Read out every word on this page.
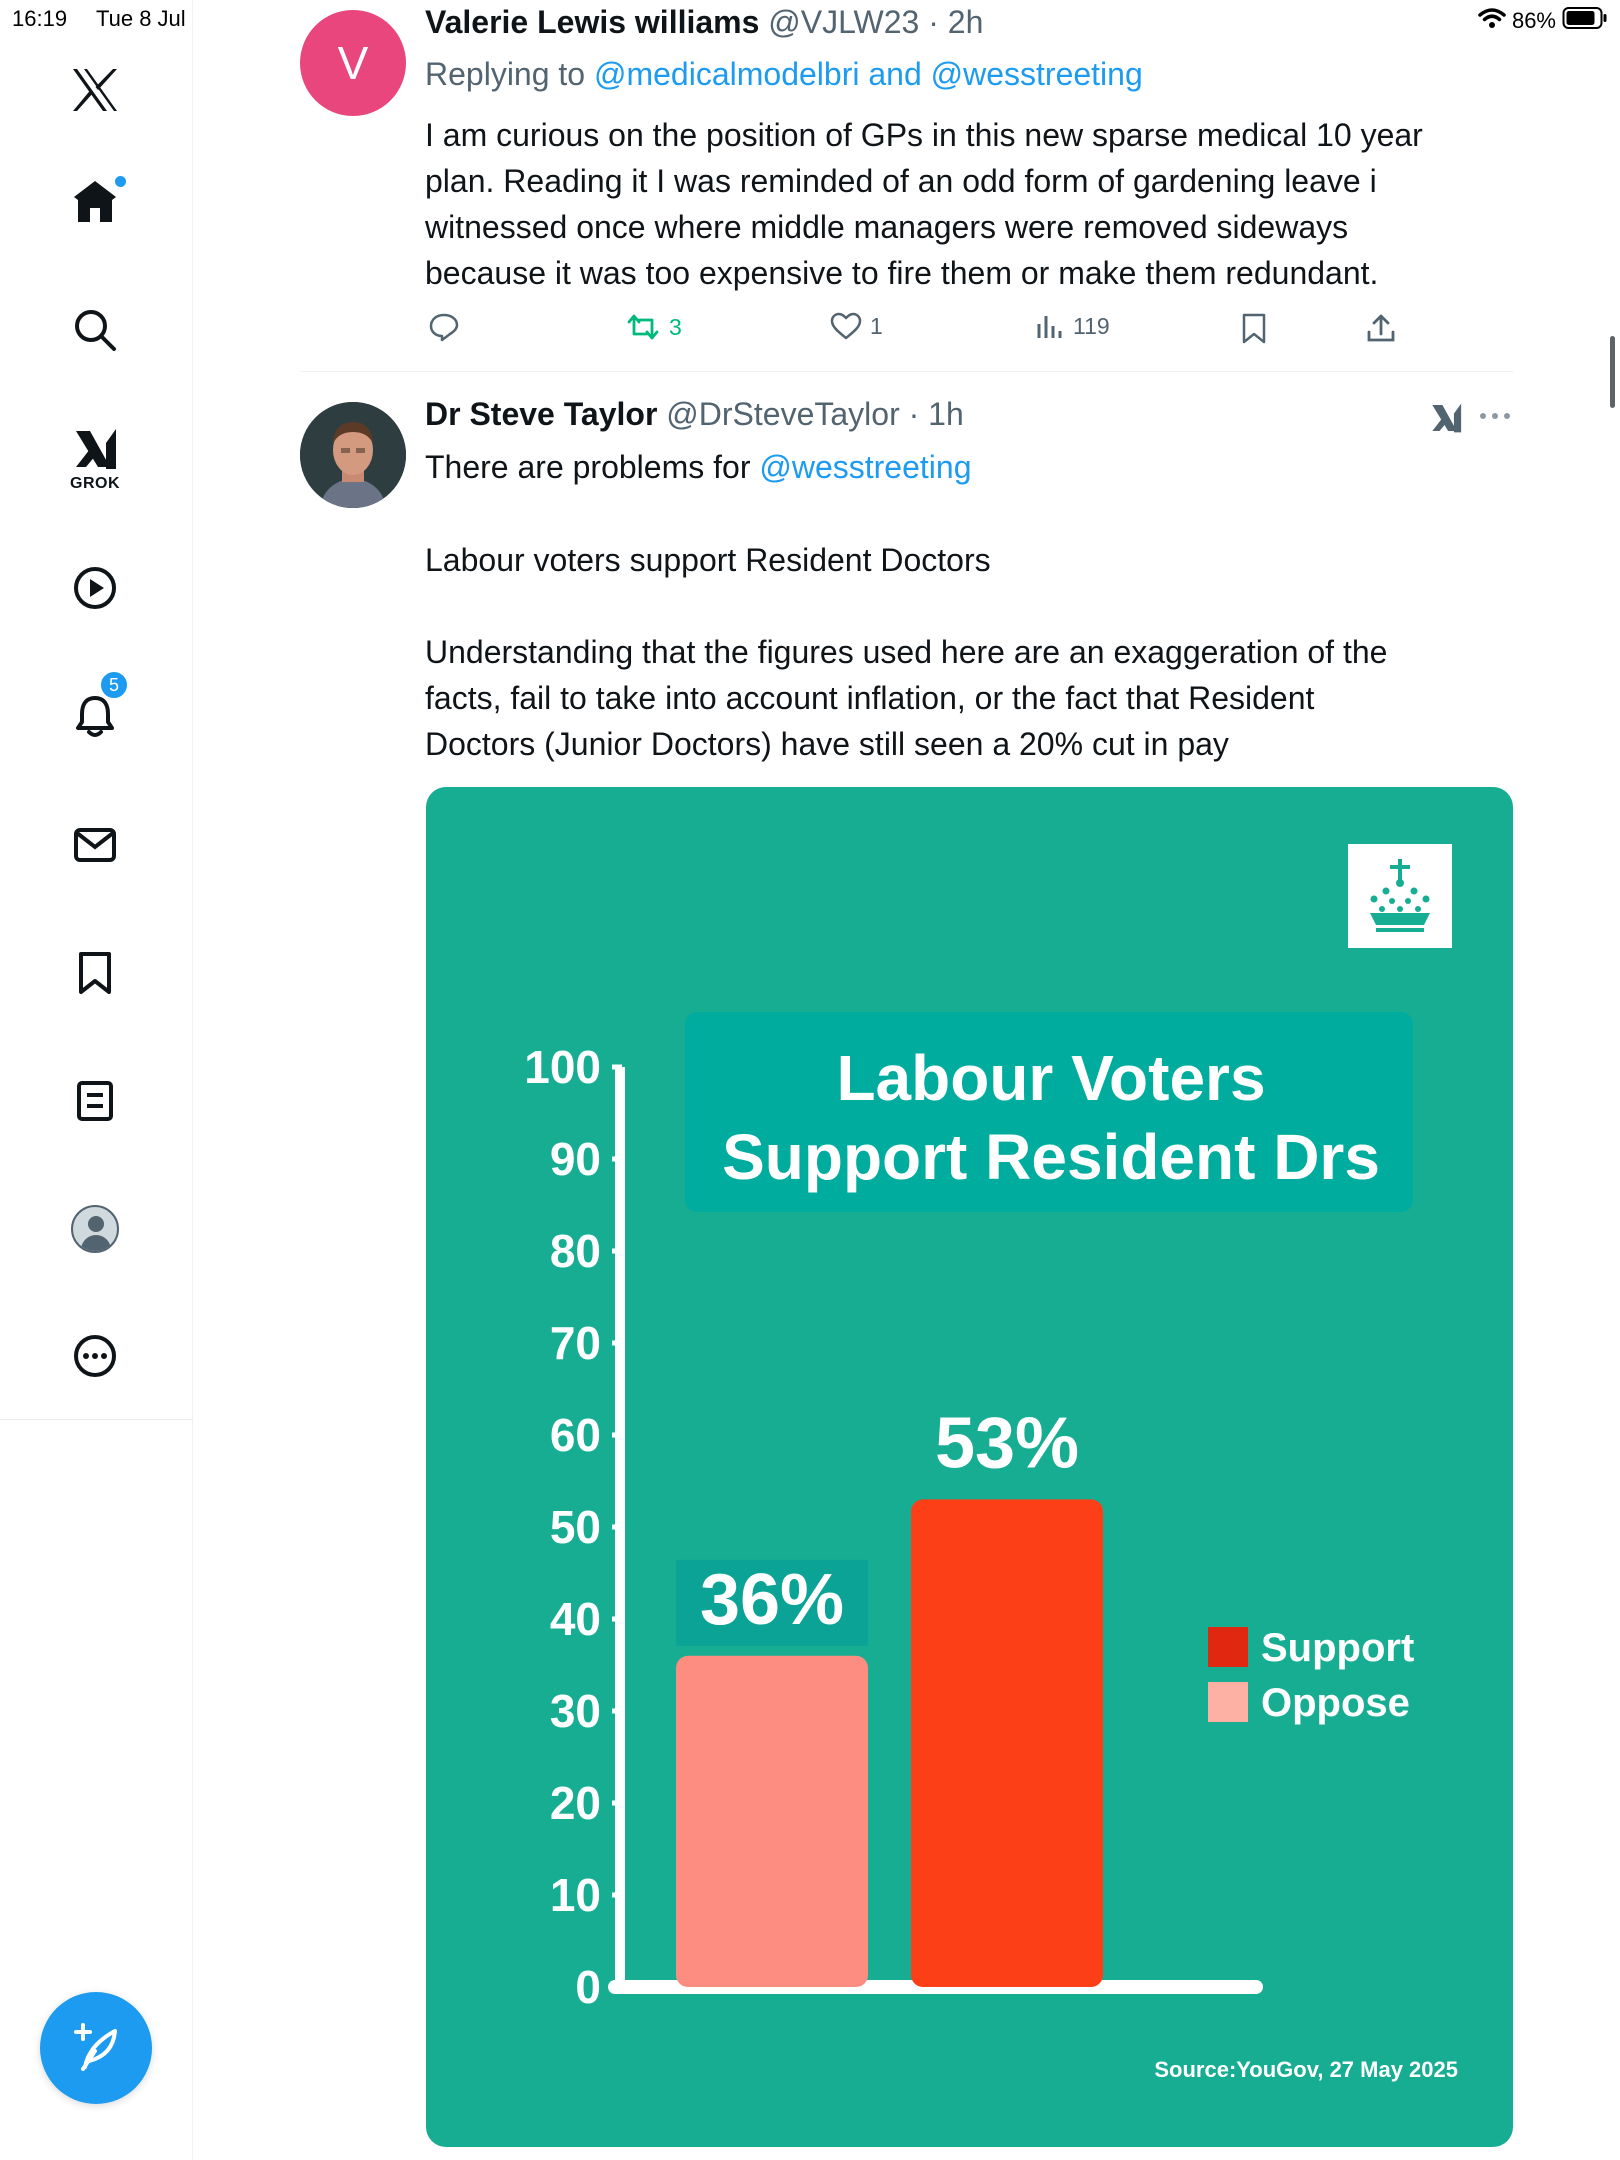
16:19 Tue 8 Jul	86%
GROK
5
V
Valerie Lewis williams @VJLW23 · 2h
Replying to @medicalmodelbri and @wesstreeting

I am curious on the position of GPs in this new sparse medical 10 year

plan. Reading it I was reminded of an odd form of gardening leave i

witnessed once where middle managers were removed sideways

because it was too expensive to fire them or make them redundant.

3	1	119
Dr Steve Taylor @DrSteveTaylor · 1h

There are problems for @wesstreeting

Labour voters support Resident Doctors

Understanding that the figures used here are an exaggeration of the

facts, fail to take into account inflation, or the fact that Resident

Doctors (Junior Doctors) have still seen a 20% cut in pay

Labour Voters
Support Resident Drs
100
90
80
70
60
50
40
30
20
10
0
36%
53%
Support
Oppose
Source:YouGov, 27 May 2025
